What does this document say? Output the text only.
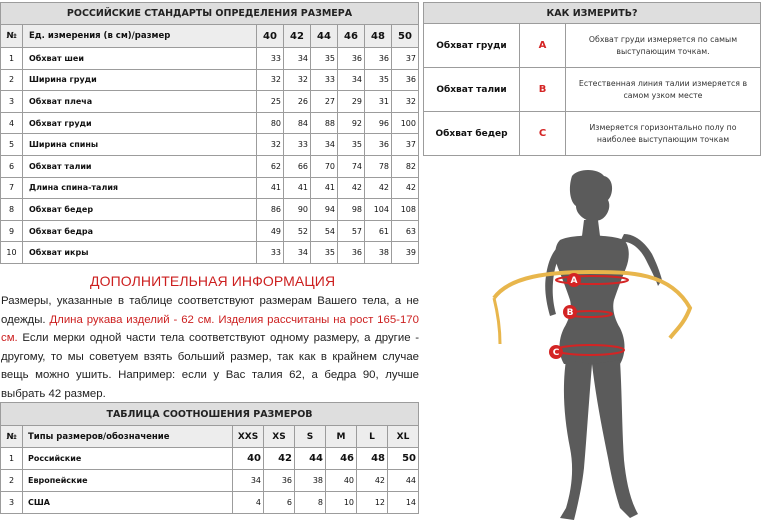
РОССИЙСКИЕ СТАНДАРТЫ ОПРЕДЕЛЕНИЯ РАЗМЕРА							
№	Ед. измерения (в см)/размер	40	42	44	46	48	50
1	Обхват шеи	33	34	35	36	36	37
2	Ширина груди	32	32	33	34	35	36
3	Обхват плеча	25	26	27	29	31	32
4	Обхват груди	80	84	88	92	96	100
5	Ширина спины	32	33	34	35	36	37
6	Обхват талии	62	66	70	74	78	82
7	Длина спина-талия	41	41	41	42	42	42
8	Обхват бедер	86	90	94	98	104	108
9	Обхват бедра	49	52	54	57	61	63
10	Обхват икры	33	34	35	36	38	39
ДОПОЛНИТЕЛЬНАЯ ИНФОРМАЦИЯ

Размеры, указанные в таблице соответствуют размерам Вашего тела, а не одежды. Длина рукава изделий - 62 см. Изделия рассчитаны на рост 165-170 см. Если мерки одной части тела соответствуют одному размеру, а другие - другому, то мы советуем взять больший размер, так как в крайнем случае вещь можно ушить. Например: если у Вас талия 62, а бедра 90, лучше выбрать 42 размер.

ТАБЛИЦА СООТНОШЕНИЯ РАЗМЕРОВ							
№	Типы размеров/обозначение	XXS	XS	S	M	L	XL
1	Российские	40	42	44	46	48	50
2	Европейские	34	36	38	40	42	44
3	США	4	6	8	10	12	14
КАК ИЗМЕРИТЬ?		
Обхват груди	A	Обхват груди измеряется по самым выступающим точкам.
Обхват талии	B	Естественная линия талии измеряется в самом узком месте
Обхват бедер	C	Измеряется горизонтально полу по наиболее выступающим точкам
A
B
C
